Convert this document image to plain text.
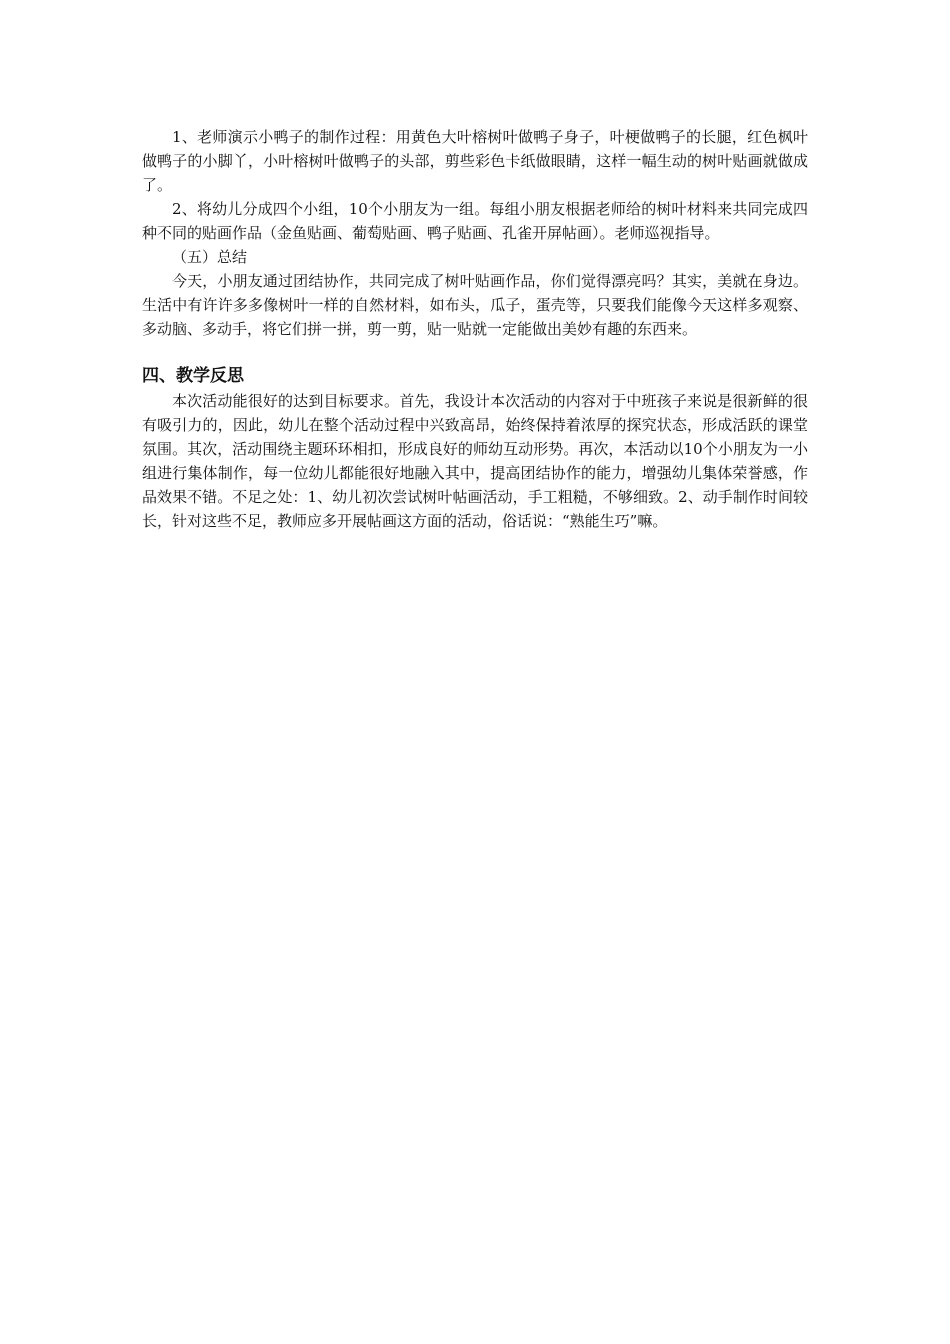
1、老师演示小鸭子的制作过程：用黄色大叶榕树叶做鸭子身子，叶梗做鸭子的长腿，红色枫叶做鸭子的小脚丫，小叶榕树叶做鸭子的头部，剪些彩色卡纸做眼睛，这样一幅生动的树叶贴画就做成了。

2、将幼儿分成四个小组，10个小朋友为一组。每组小朋友根据老师给的树叶材料来共同完成四种不同的贴画作品（金鱼贴画、葡萄贴画、鸭子贴画、孔雀开屏帖画）。老师巡视指导。

（五）总结

今天，小朋友通过团结协作，共同完成了树叶贴画作品，你们觉得漂亮吗？其实，美就在身边。生活中有许许多多像树叶一样的自然材料，如布头，瓜子，蛋壳等，只要我们能像今天这样多观察、多动脑、多动手，将它们拼一拼，剪一剪，贴一贴就一定能做出美妙有趣的东西来。

四、教学反思

本次活动能很好的达到目标要求。首先，我设计本次活动的内容对于中班孩子来说是很新鲜的很有吸引力的，因此，幼儿在整个活动过程中兴致高昂，始终保持着浓厚的探究状态，形成活跃的课堂氛围。其次，活动围绕主题环环相扣，形成良好的师幼互动形势。再次，本活动以10个小朋友为一小组进行集体制作，每一位幼儿都能很好地融入其中，提高团结协作的能力，增强幼儿集体荣誉感，作品效果不错。不足之处：1、幼儿初次尝试树叶帖画活动，手工粗糙，不够细致。2、动手制作时间较长，针对这些不足，教师应多开展帖画这方面的活动，俗话说：“熟能生巧”嘛。
